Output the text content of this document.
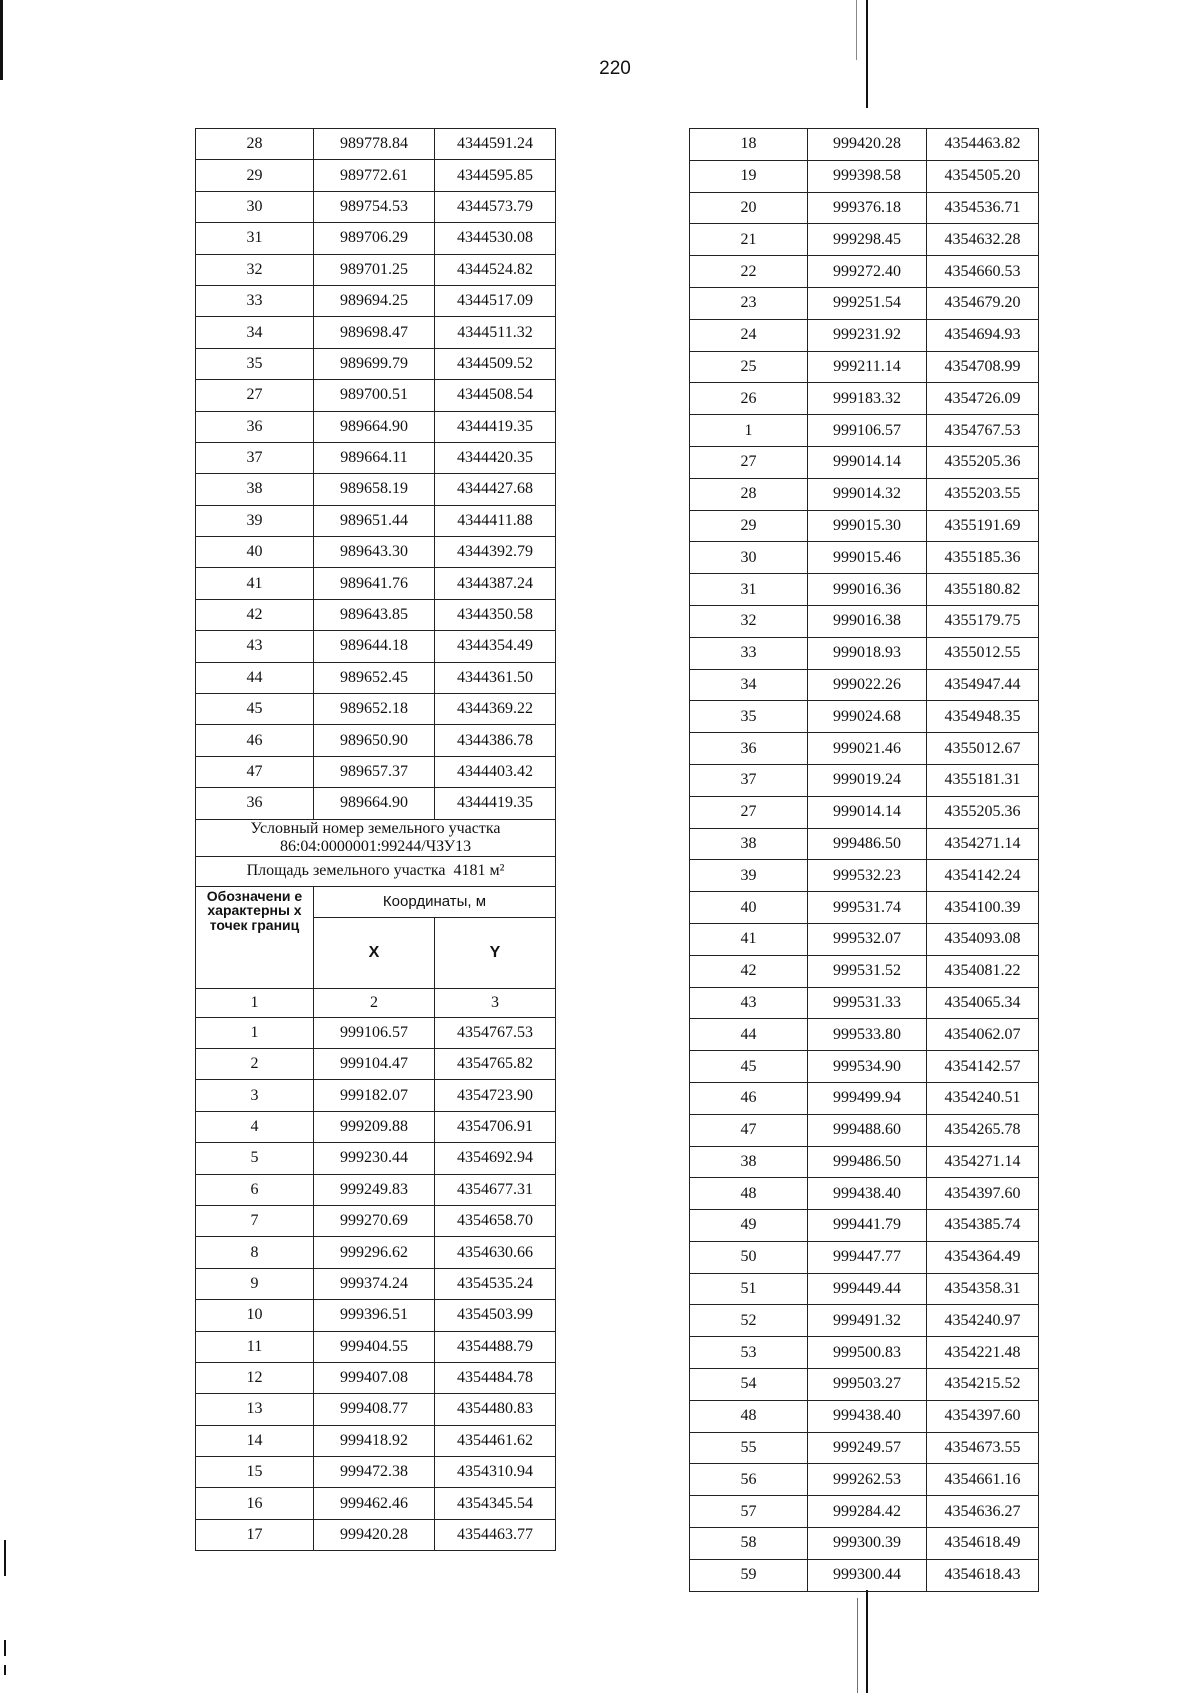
220
28	989778.84	4344591.24
29	989772.61	4344595.85
30	989754.53	4344573.79
31	989706.29	4344530.08
32	989701.25	4344524.82
33	989694.25	4344517.09
34	989698.47	4344511.32
35	989699.79	4344509.52
27	989700.51	4344508.54
36	989664.90	4344419.35
37	989664.11	4344420.35
38	989658.19	4344427.68
39	989651.44	4344411.88
40	989643.30	4344392.79
41	989641.76	4344387.24
42	989643.85	4344350.58
43	989644.18	4344354.49
44	989652.45	4344361.50
45	989652.18	4344369.22
46	989650.90	4344386.78
47	989657.37	4344403.42
36	989664.90	4344419.35
Условный номер земельного участка
86:04:0000001:99244/ЧЗУ13		
Площадь земельного участка 4181 м²		
Обозначени е характерны х точек границ	Координаты, м	
	X	Y
1	2	3
1	999106.57	4354767.53
2	999104.47	4354765.82
3	999182.07	4354723.90
4	999209.88	4354706.91
5	999230.44	4354692.94
6	999249.83	4354677.31
7	999270.69	4354658.70
8	999296.62	4354630.66
9	999374.24	4354535.24
10	999396.51	4354503.99
11	999404.55	4354488.79
12	999407.08	4354484.78
13	999408.77	4354480.83
14	999418.92	4354461.62
15	999472.38	4354310.94
16	999462.46	4354345.54
17	999420.28	4354463.77
18	999420.28	4354463.82
19	999398.58	4354505.20
20	999376.18	4354536.71
21	999298.45	4354632.28
22	999272.40	4354660.53
23	999251.54	4354679.20
24	999231.92	4354694.93
25	999211.14	4354708.99
26	999183.32	4354726.09
1	999106.57	4354767.53
27	999014.14	4355205.36
28	999014.32	4355203.55
29	999015.30	4355191.69
30	999015.46	4355185.36
31	999016.36	4355180.82
32	999016.38	4355179.75
33	999018.93	4355012.55
34	999022.26	4354947.44
35	999024.68	4354948.35
36	999021.46	4355012.67
37	999019.24	4355181.31
27	999014.14	4355205.36
38	999486.50	4354271.14
39	999532.23	4354142.24
40	999531.74	4354100.39
41	999532.07	4354093.08
42	999531.52	4354081.22
43	999531.33	4354065.34
44	999533.80	4354062.07
45	999534.90	4354142.57
46	999499.94	4354240.51
47	999488.60	4354265.78
38	999486.50	4354271.14
48	999438.40	4354397.60
49	999441.79	4354385.74
50	999447.77	4354364.49
51	999449.44	4354358.31
52	999491.32	4354240.97
53	999500.83	4354221.48
54	999503.27	4354215.52
48	999438.40	4354397.60
55	999249.57	4354673.55
56	999262.53	4354661.16
57	999284.42	4354636.27
58	999300.39	4354618.49
59	999300.44	4354618.43
